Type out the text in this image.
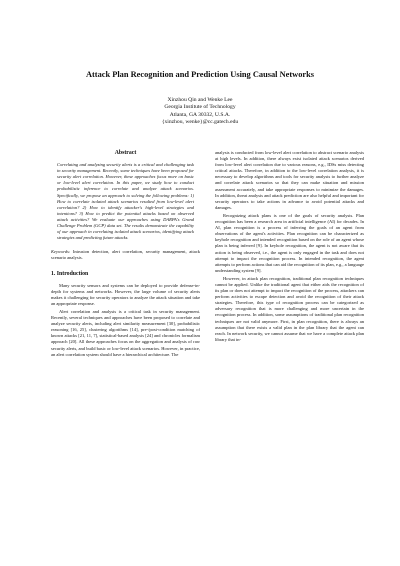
Attack Plan Recognition and Prediction Using Causal Networks
Xinzhou Qin and Wenke Lee
Georgia Institute of Technology
Atlanta, GA 30332, U.S.A.
{xinzhou, wenke}@cc.gatech.edu
Abstract
Correlating and analyzing security alerts is a critical and challenging task in security management. Recently, some techniques have been proposed for security alert correlation. However, these approaches focus more on basic or low-level alert correlation. In this paper, we study how to conduct probabilistic inference to correlate and analyze attack scenarios. Specifically, we propose an approach to solving the following problems: 1) How to correlate isolated attack scenarios resulted from low-level alert correlation? 2) How to identify attacker's high-level strategies and intentions? 3) How to predict the potential attacks based on observed attack activities? We evaluate our approaches using DARPA's Grand Challenge Problem (GCP) data set. The results demonstrate the capability of our approach in correlating isolated attack scenarios, identifying attack strategies and predicting future attacks.
Keywords: Intrusion detection, alert correlation, security management, attack scenario analysis.
1. Introduction

Many security sensors and systems can be deployed to provide defense-in-depth for systems and networks. However, the large volume of security alerts makes it challenging for security operators to analyze the attack situation and take an appropriate response.

Alert correlation and analysis is a critical task in security management. Recently, several techniques and approaches have been proposed to correlate and analyze security alerts, including alert similarity measurement [30], probabilistic reasoning [16, 25], clustering algorithms [14], pre-/post-condition matching of known attacks [21, 11, 7], statistical-based analysis [24] and chronicles formalism approach [20]. All these approaches focus on the aggregation and analysis of raw security alerts, and build basic or low-level attack scenarios. However, in practice, an alert correlation system should have a hierarchical architecture. The

analysis is conducted from low-level alert correlation to abstract scenario analysis at high levels. In addition, there always exist isolated attack scenarios derived from low-level alert correlation due to various reasons, e.g., IDSs miss detecting critical attacks. Therefore, in addition to the low-level correlation analysis, it is necessary to develop algorithms and tools for security analysts to further analyze and correlate attack scenarios so that they can make situation and mission assessment accurately, and take appropriate responses to minimize the damages. In addition, threat analysis and attack prediction are also helpful and important for security operators to take actions in advance to avoid potential attacks and damages.

Recognizing attack plans is one of the goals of security analysts. Plan recognition has been a research area in artificial intelligence (AI) for decades. In AI, plan recognition is a process of inferring the goals of an agent from observations of the agent's activities. Plan recognition can be characterized as keyhole recognition and intended recognition based on the role of an agent whose plan is being inferred [9]. In keyhole recognition, the agent is not aware that its action is being observed, i.e., the agent is only engaged in the task and does not attempt to impact the recognition process. In intended recognition, the agent attempts to perform actions that can aid the recognition of its plan, e.g., a language understanding system [9].

However, in attack plan recognition, traditional plan recognition techniques cannot be applied. Unlike the traditional agent that either aids the recognition of its plan or does not attempt to impact the recognition of the process, attackers can perform activities to escape detection and avoid the recognition of their attack strategies. Therefore, this type of recognition process can be categorized as adversary recognition that is more challenging and more uncertain in the recognition process. In addition, some assumptions of traditional plan recognition techniques are not valid anymore. First, in plan recognition, there is always an assumption that there exists a valid plan in the plan library that the agent can reach. In network security, we cannot assume that we have a complete attack plan library that in-
